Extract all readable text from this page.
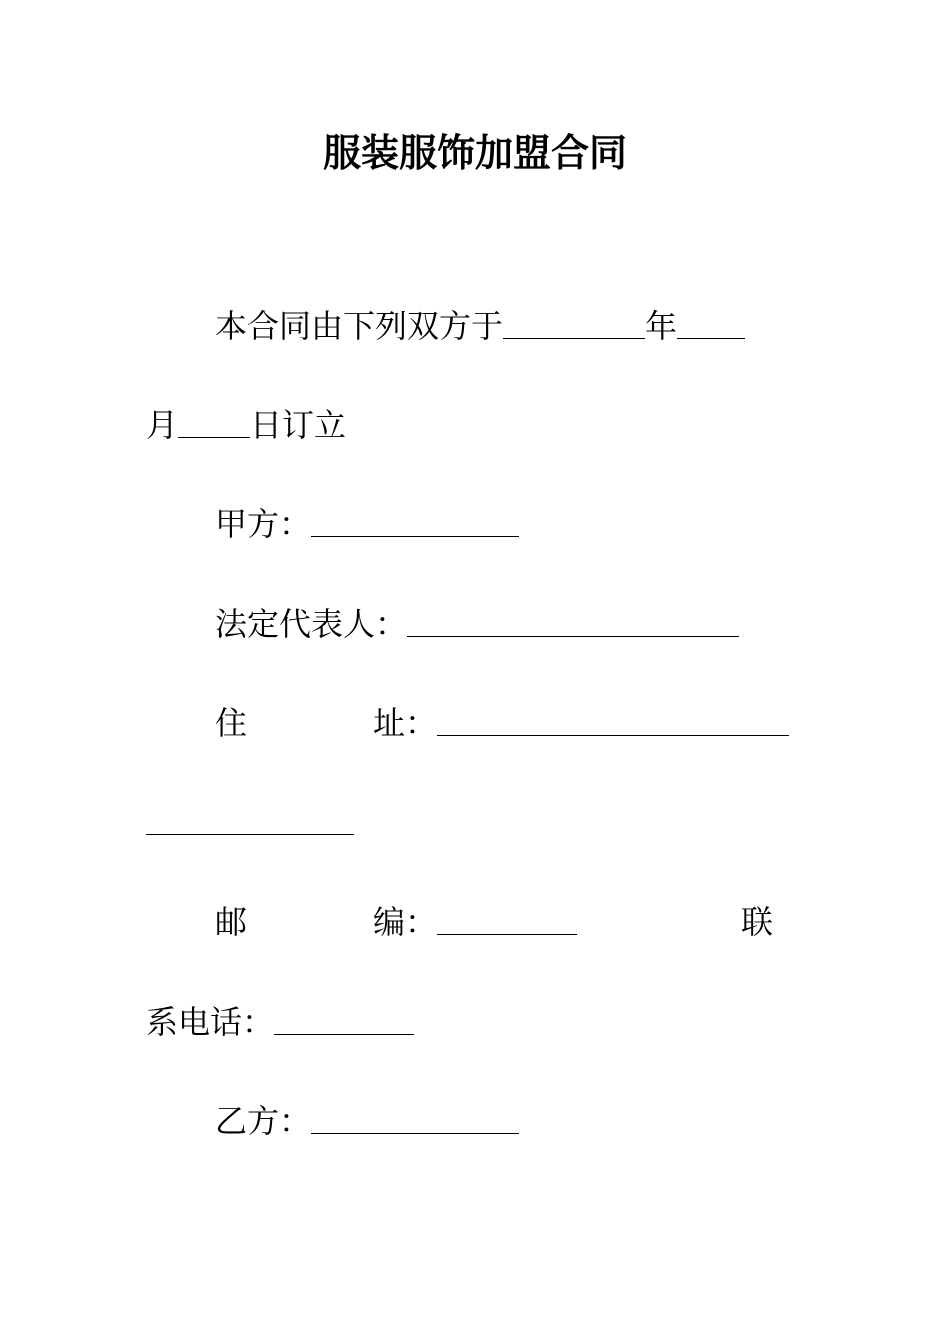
服装服饰加盟合同
本合同由下列双方于	年
月 日订立
甲方：
法定代表人：
住	址：
邮	编：	联
系电话：
乙方：
